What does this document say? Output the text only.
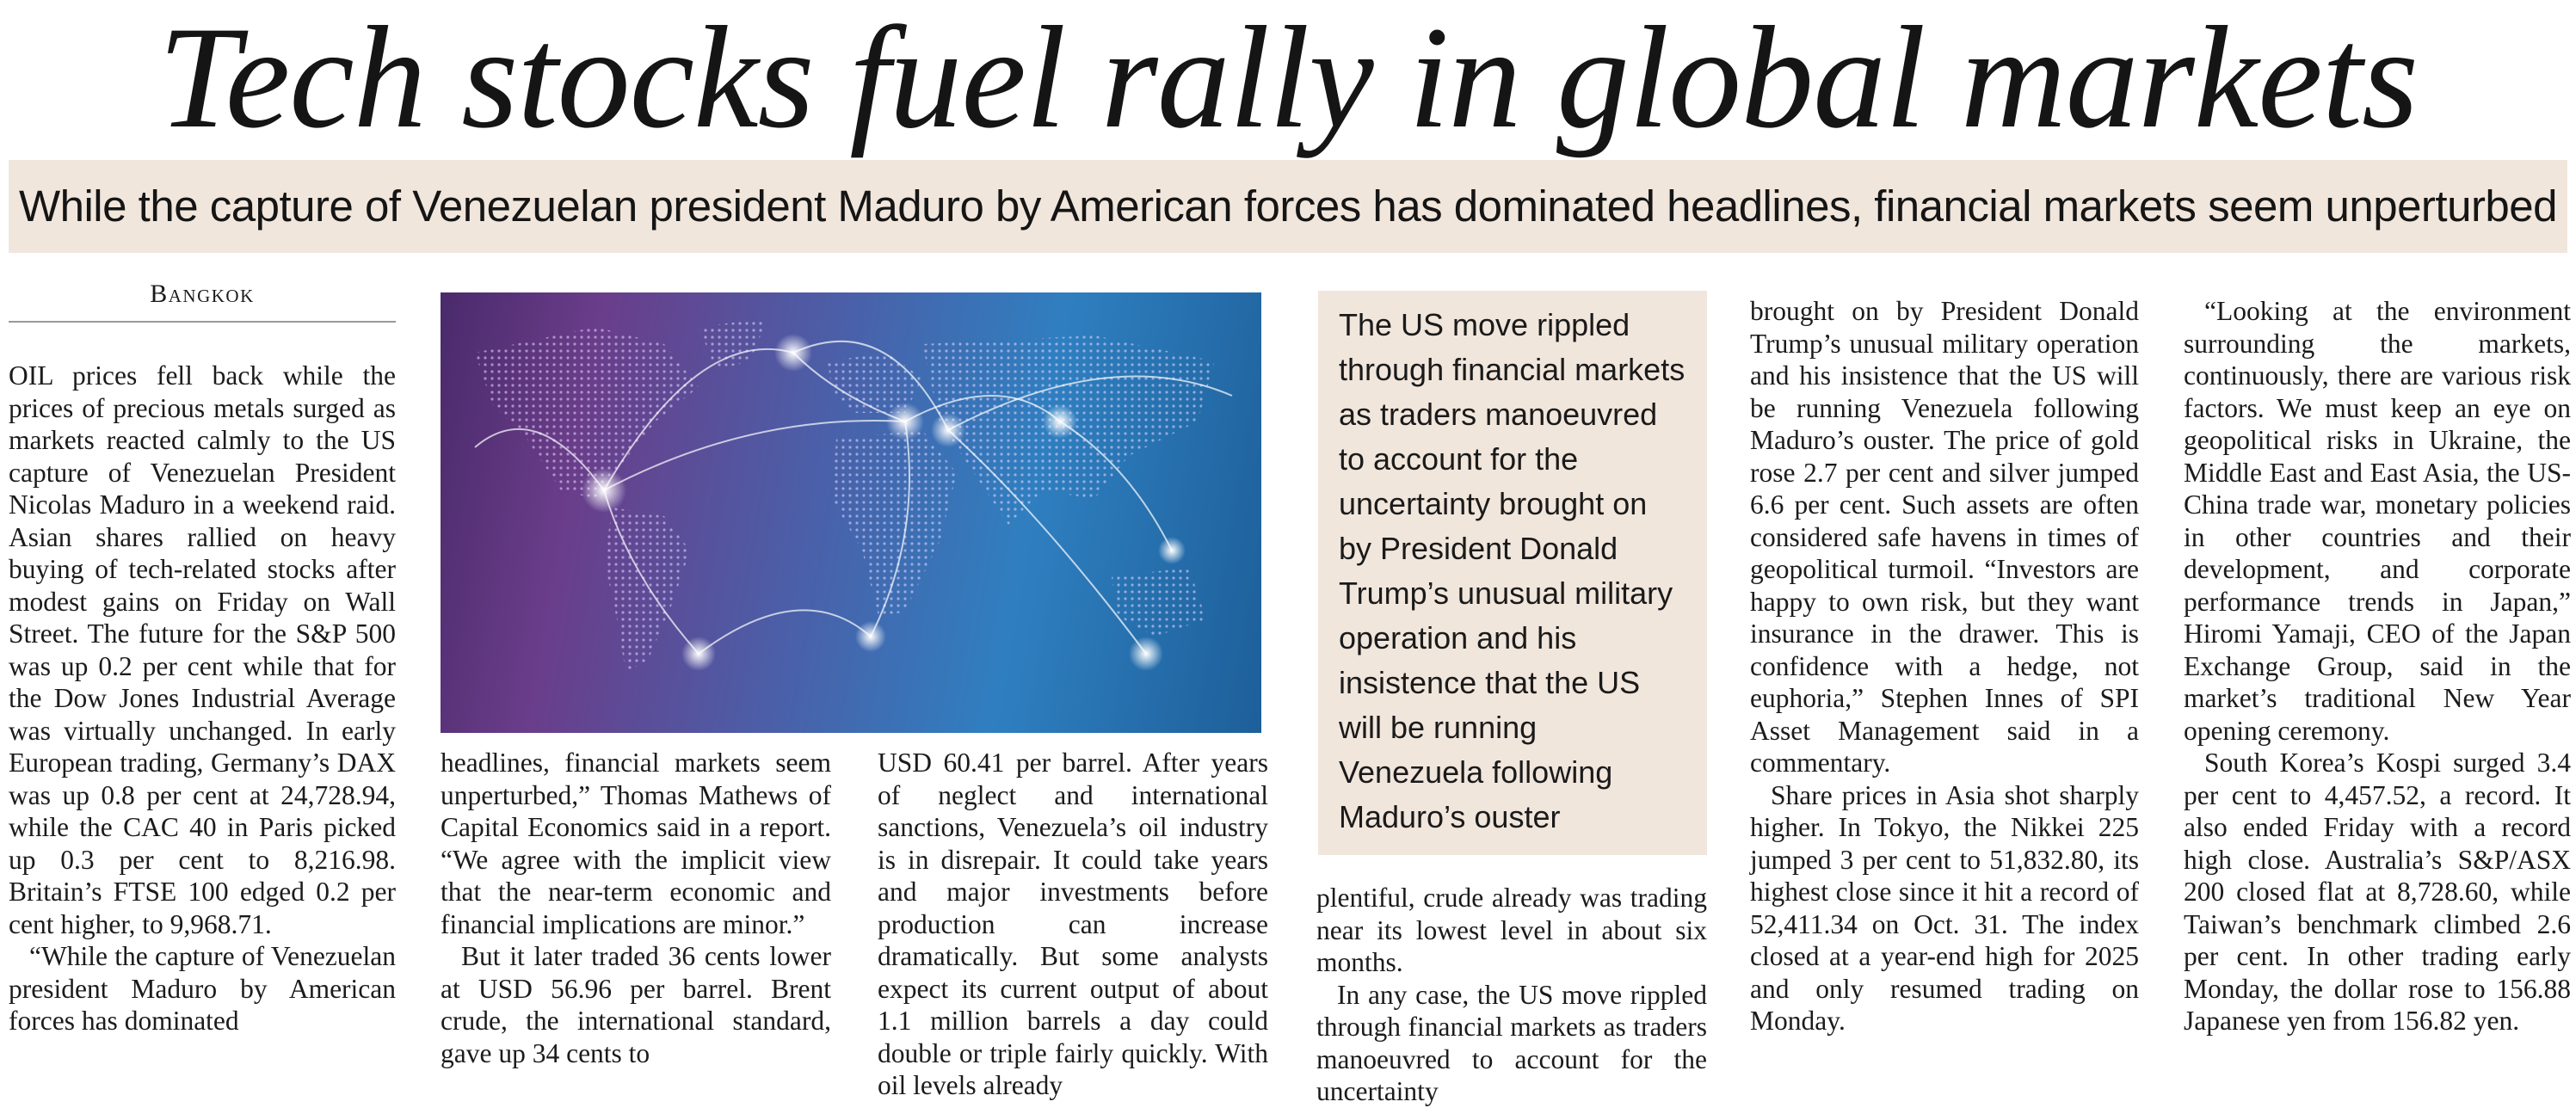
Tech stocks fuel rally in global markets
While the capture of Venezuelan president Maduro by American forces has dominated headlines, financial markets seem unperturbed
Bangkok

OIL prices fell back while the prices of precious metals surged as markets reacted calmly to the US capture of Venezuelan President Nicolas Maduro in a weekend raid. Asian shares rallied on heavy buying of tech-related stocks after modest gains on Friday on Wall Street. The future for the S&P 500 was up 0.2 per cent while that for the Dow Jones Industrial Average was virtually unchanged. In early European trading, Germany’s DAX was up 0.8 per cent at 24,728.94, while the CAC 40 in Paris picked up 0.3 per cent to 8,216.98. Britain’s FTSE 100 edged 0.2 per cent higher, to 9,968.71.

“While the capture of Venezuelan president Maduro by American forces has dominated

headlines, financial markets seem unperturbed,” Thomas Mathews of Capital Economics said in a report. “We agree with the implicit view that the near-term economic and financial implications are minor.”

But it later traded 36 cents lower at USD 56.96 per barrel. Brent crude, the international standard, gave up 34 cents to

USD 60.41 per barrel. After years of neglect and international sanctions, Venezuela’s oil industry is in disrepair. It could take years and major investments before production can increase dramatically. But some analysts expect its current output of about 1.1 million barrels a day could double or triple fairly quickly. With oil levels already

The US move rippled through financial markets as traders manoeuvred to account for the uncertainty brought on by President Donald Trump’s unusual military operation and his insistence that the US will be running Venezuela following Maduro’s ouster

plentiful, crude already was trading near its lowest level in about six months.

In any case, the US move rippled through financial markets as traders manoeuvred to account for the uncertainty

brought on by President Donald Trump’s unusual military operation and his insistence that the US will be running Venezuela following Maduro’s ouster. The price of gold rose 2.7 per cent and silver jumped 6.6 per cent. Such assets are often considered safe havens in times of geopolitical turmoil. “Investors are happy to own risk, but they want insurance in the drawer. This is confidence with a hedge, not euphoria,” Stephen Innes of SPI Asset Management said in a commentary.

Share prices in Asia shot sharply higher. In Tokyo, the Nikkei 225 jumped 3 per cent to 51,832.80, its highest close since it hit a record of 52,411.34 on Oct. 31. The index closed at a year-end high for 2025 and only resumed trading on Monday.

“Looking at the environment surrounding the markets, continuously, there are various risk factors. We must keep an eye on geopolitical risks in Ukraine, the Middle East and East Asia, the US-China trade war, monetary policies in other countries and their development, and corporate performance trends in Japan,” Hiromi Yamaji, CEO of the Japan Exchange Group, said in the market’s traditional New Year opening ceremony.

South Korea’s Kospi surged 3.4 per cent to 4,457.52, a record. It also ended Friday with a record high close. Australia’s S&P/ASX 200 closed flat at 8,728.60, while Taiwan’s benchmark climbed 2.6 per cent. In other trading early Monday, the dollar rose to 156.88 Japanese yen from 156.82 yen.
